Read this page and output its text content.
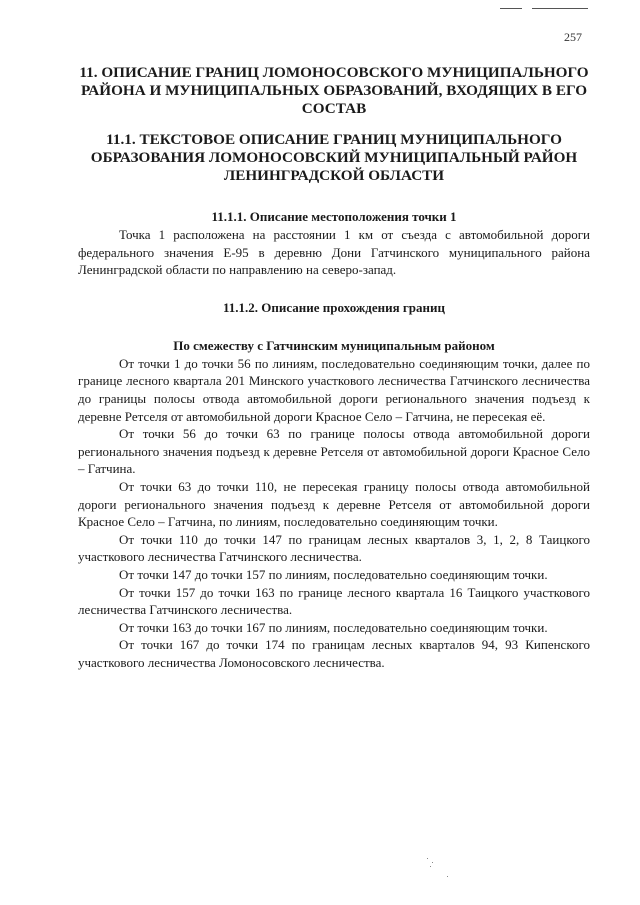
257
11. ОПИСАНИЕ ГРАНИЦ ЛОМОНОСОВСКОГО МУНИЦИПАЛЬНОГО РАЙОНА И МУНИЦИПАЛЬНЫХ ОБРАЗОВАНИЙ, ВХОДЯЩИХ В ЕГО СОСТАВ
11.1. ТЕКСТОВОЕ ОПИСАНИЕ ГРАНИЦ МУНИЦИПАЛЬНОГО ОБРАЗОВАНИЯ ЛОМОНОСОВСКИЙ МУНИЦИПАЛЬНЫЙ РАЙОН ЛЕНИНГРАДСКОЙ ОБЛАСТИ
11.1.1. Описание местоположения точки 1

Точка 1 расположена на расстоянии 1 км от съезда с автомобильной дороги федерального значения Е-95 в деревню Дони Гатчинского муниципального района Ленинградской области по направлению на северо-запад.

11.1.2. Описание прохождения границ
По смежеству с Гатчинским муниципальным районом

От точки 1 до точки 56 по линиям, последовательно соединяющим точки, далее по границе лесного квартала 201 Минского участкового лесничества Гатчинского лесничества до границы полосы отвода автомобильной дороги регионального значения подъезд к деревне Ретселя от автомобильной дороги Красное Село – Гатчина, не пересекая её.

От точки 56 до точки 63 по границе полосы отвода автомобильной дороги регионального значения подъезд к деревне Ретселя от автомобильной дороги Красное Село – Гатчина.

От точки 63 до точки 110, не пересекая границу полосы отвода автомобильной дороги регионального значения подъезд к деревне Ретселя от автомобильной дороги Красное Село – Гатчина, по линиям, последовательно соединяющим точки.

От точки 110 до точки 147 по границам лесных кварталов 3, 1, 2, 8 Таицкого участкового лесничества Гатчинского лесничества.

От точки 147 до точки 157 по линиям, последовательно соединяющим точки.

От точки 157 до точки 163 по границе лесного квартала 16 Таицкого участкового лесничества Гатчинского лесничества.

От точки 163 до точки 167 по линиям, последовательно соединяющим точки.

От точки 167 до точки 174 по границам лесных кварталов 94, 93 Кипенского участкового лесничества Ломоносовского лесничества.
